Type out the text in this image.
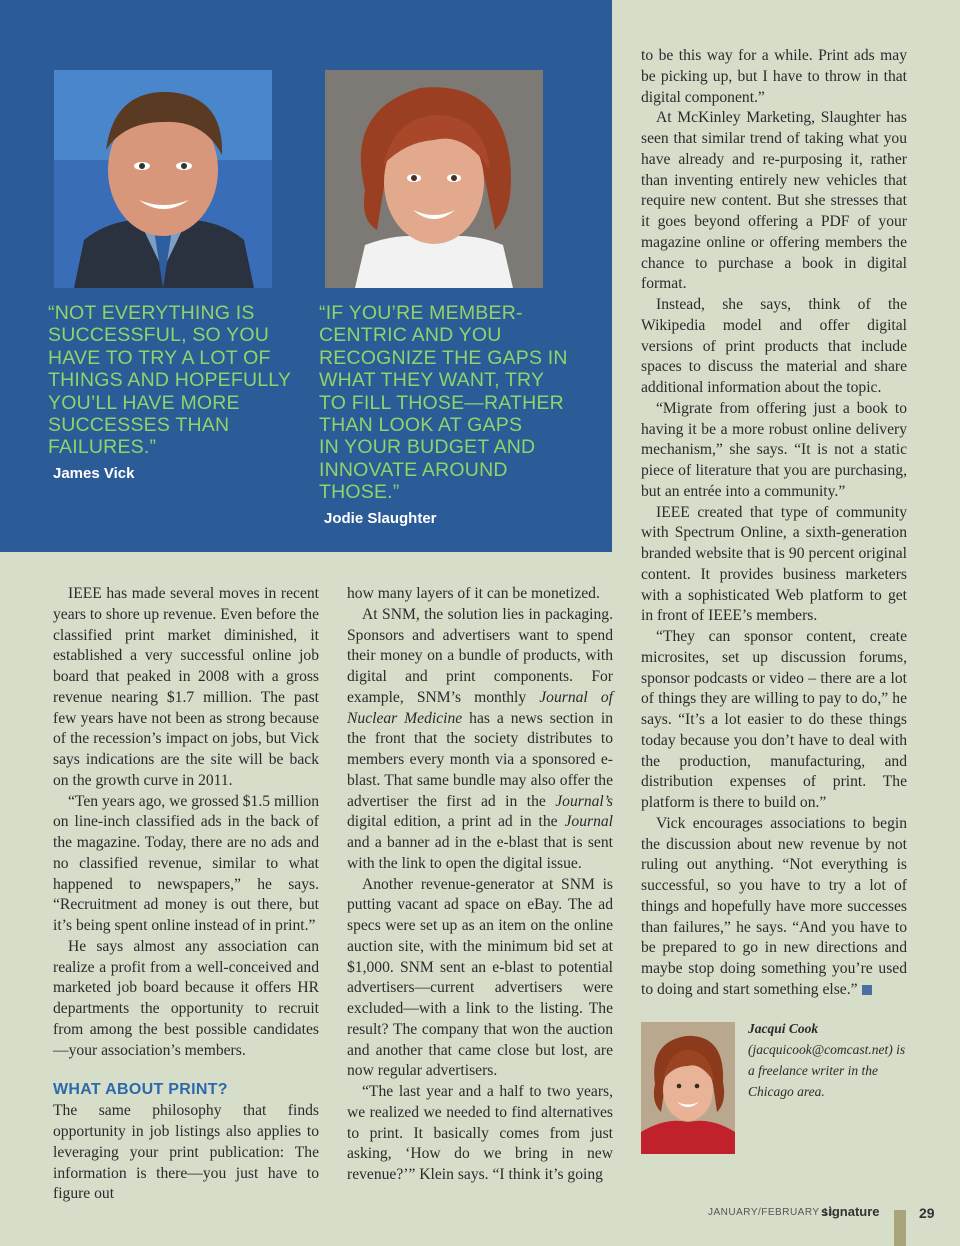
“NOT EVERYTHING IS
SUCCESSFUL, SO YOU
HAVE TO TRY A LOT OF
THINGS AND HOPEFULLY
YOU’LL HAVE MORE
SUCCESSES THAN
FAILURES.”
James Vick
“IF YOU’RE MEMBER-
CENTRIC AND YOU
RECOGNIZE THE GAPS IN
WHAT THEY WANT, TRY
TO FILL THOSE—RATHER
THAN LOOK AT GAPS
IN YOUR BUDGET AND
INNOVATE AROUND
THOSE.”
Jodie Slaughter

IEEE has made several moves in recent years to shore up revenue. Even before the classified print market diminished, it established a very successful online job board that peaked in 2008 with a gross revenue nearing $1.7 million. The past few years have not been as strong because of the recession’s impact on jobs, but Vick says indications are the site will be back on the growth curve in 2011.

“Ten years ago, we grossed $1.5 million on line-inch classified ads in the back of the magazine. Today, there are no ads and no classified revenue, similar to what happened to newspapers,” he says. “Recruitment ad money is out there, but it’s being spent online instead of in print.”

He says almost any association can realize a profit from a well-conceived and marketed job board because it offers HR departments the opportunity to recruit from among the best possible candidates—your association’s members.

WHAT ABOUT PRINT?

The same philosophy that finds opportunity in job listings also applies to leveraging your print publication: The information is there—you just have to figure out

how many layers of it can be monetized.

At SNM, the solution lies in packaging. Sponsors and advertisers want to spend their money on a bundle of products, with digital and print components. For example, SNM’s monthly Journal of Nuclear Medicine has a news section in the front that the society distributes to members every month via a sponsored e-blast. That same bundle may also offer the advertiser the first ad in the Journal’s digital edition, a print ad in the Journal and a banner ad in the e-blast that is sent with the link to open the digital issue.

Another revenue-generator at SNM is putting vacant ad space on eBay. The ad specs were set up as an item on the online auction site, with the minimum bid set at $1,000. SNM sent an e-blast to potential advertisers—current advertisers were excluded—with a link to the listing. The result? The company that won the auction and another that came close but lost, are now regular advertisers.

“The last year and a half to two years, we realized we needed to find alternatives to print. It basically comes from just asking, ‘How do we bring in new revenue?’” Klein says. “I think it’s going

to be this way for a while. Print ads may be picking up, but I have to throw in that digital component.”

At McKinley Marketing, Slaughter has seen that similar trend of taking what you have already and re-purposing it, rather than inventing entirely new vehicles that require new content. But she stresses that it goes beyond offering a PDF of your magazine online or offering members the chance to purchase a book in digital format.

Instead, she says, think of the Wikipedia model and offer digital versions of print products that include spaces to discuss the material and share additional information about the topic.

“Migrate from offering just a book to having it be a more robust online delivery mechanism,” she says. “It is not a static piece of literature that you are purchasing, but an entrée into a community.”

IEEE created that type of community with Spectrum Online, a sixth-generation branded website that is 90 percent original content. It provides business marketers with a sophisticated Web platform to get in front of IEEE’s members.

“They can sponsor content, create microsites, set up discussion forums, sponsor podcasts or video – there are a lot of things they are willing to pay to do,” he says. “It’s a lot easier to do these things today because you don’t have to deal with the production, manufacturing, and distribution expenses of print. The platform is there to build on.”

Vick encourages associations to begin the discussion about new revenue by not ruling out anything. “Not everything is successful, so you have to try a lot of things and hopefully have more successes than failures,” he says. “And you have to be prepared to go in new directions and maybe stop doing something you’re used to doing and start something else.”

Jacqui Cook (jacquicook@comcast.net) is a freelance writer in the Chicago area.
JANUARY/FEBRUARY 11
signature	29
